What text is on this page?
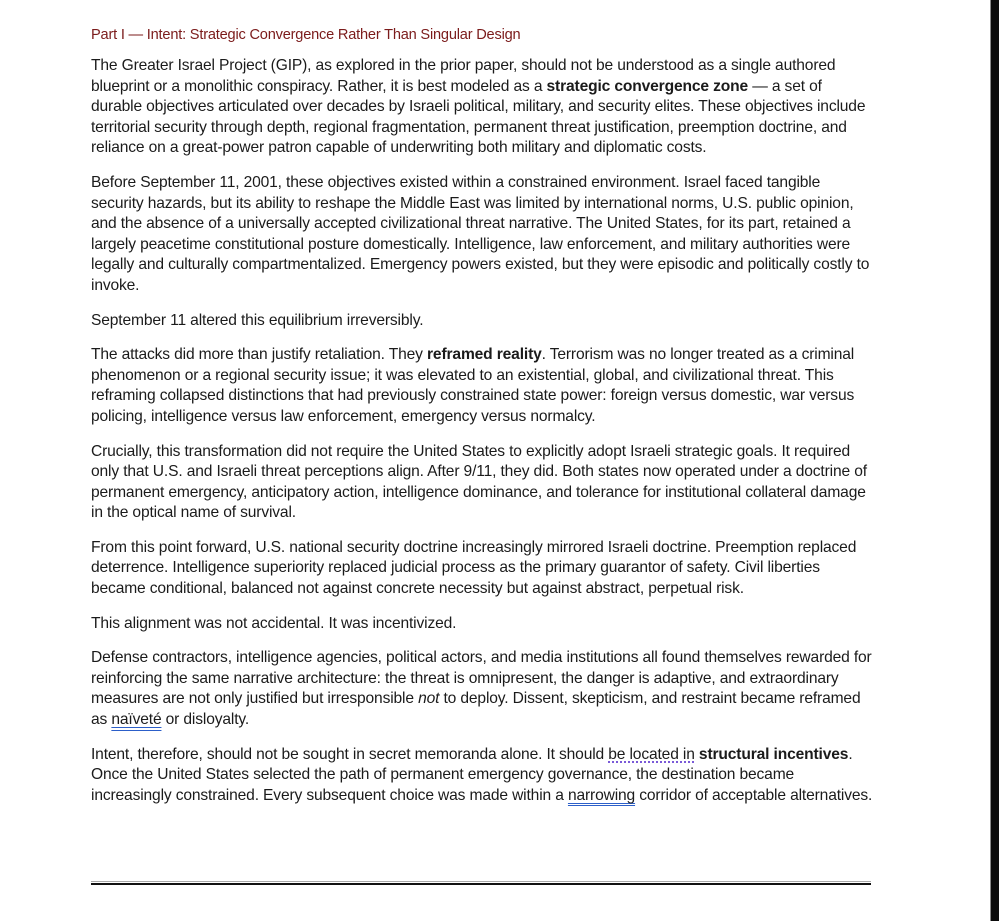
Part I — Intent: Strategic Convergence Rather Than Singular Design

The Greater Israel Project (GIP), as explored in the prior paper, should not be understood as a single authored blueprint or a monolithic conspiracy. Rather, it is best modeled as a strategic convergence zone — a set of durable objectives articulated over decades by Israeli political, military, and security elites. These objectives include territorial security through depth, regional fragmentation, permanent threat justification, preemption doctrine, and reliance on a great-power patron capable of underwriting both military and diplomatic costs.

Before September 11, 2001, these objectives existed within a constrained environment. Israel faced tangible security hazards, but its ability to reshape the Middle East was limited by international norms, U.S. public opinion, and the absence of a universally accepted civilizational threat narrative. The United States, for its part, retained a largely peacetime constitutional posture domestically. Intelligence, law enforcement, and military authorities were legally and culturally compartmentalized. Emergency powers existed, but they were episodic and politically costly to invoke.

September 11 altered this equilibrium irreversibly.

The attacks did more than justify retaliation. They reframed reality. Terrorism was no longer treated as a criminal phenomenon or a regional security issue; it was elevated to an existential, global, and civilizational threat. This reframing collapsed distinctions that had previously constrained state power: foreign versus domestic, war versus policing, intelligence versus law enforcement, emergency versus normalcy.

Crucially, this transformation did not require the United States to explicitly adopt Israeli strategic goals. It required only that U.S. and Israeli threat perceptions align. After 9/11, they did. Both states now operated under a doctrine of permanent emergency, anticipatory action, intelligence dominance, and tolerance for institutional collateral damage in the optical name of survival.

From this point forward, U.S. national security doctrine increasingly mirrored Israeli doctrine. Preemption replaced deterrence. Intelligence superiority replaced judicial process as the primary guarantor of safety. Civil liberties became conditional, balanced not against concrete necessity but against abstract, perpetual risk.

This alignment was not accidental. It was incentivized.

Defense contractors, intelligence agencies, political actors, and media institutions all found themselves rewarded for reinforcing the same narrative architecture: the threat is omnipresent, the danger is adaptive, and extraordinary measures are not only justified but irresponsible not to deploy. Dissent, skepticism, and restraint became reframed as naïveté or disloyalty.

Intent, therefore, should not be sought in secret memoranda alone. It should be located in structural incentives. Once the United States selected the path of permanent emergency governance, the destination became increasingly constrained. Every subsequent choice was made within a narrowing corridor of acceptable alternatives.
